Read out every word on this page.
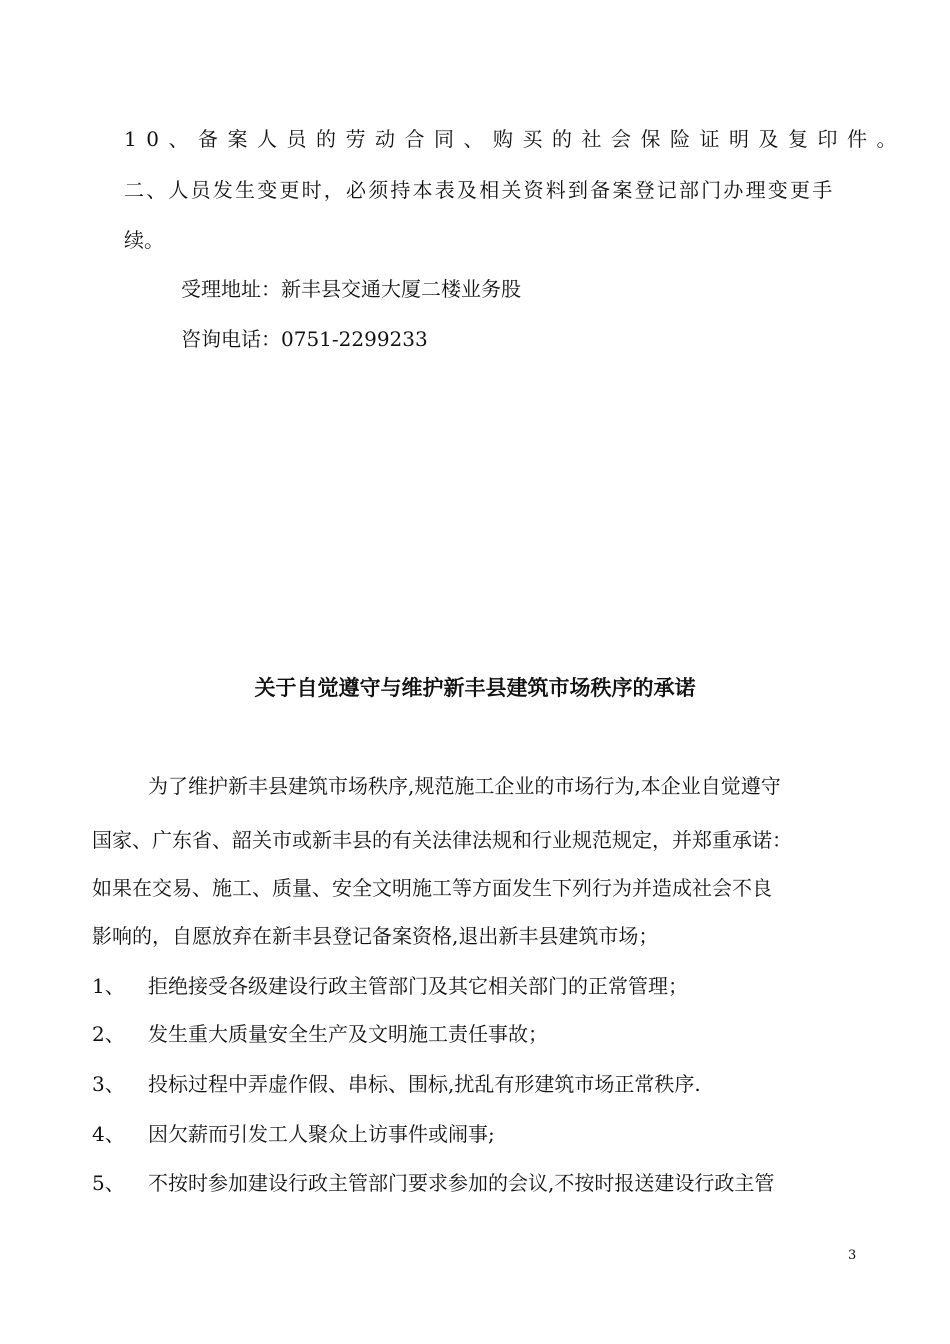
10、备案人员的劳动合同、购买的社会保险证明及复印件。
二、人员发生变更时，必须持本表及相关资料到备案登记部门办理变更手
续。
受理地址：新丰县交通大厦二楼业务股
咨询电话：0751-2299233
关于自觉遵守与维护新丰县建筑市场秩序的承诺
为了维护新丰县建筑市场秩序,规范施工企业的市场行为,本企业自觉遵守
国家、广东省、韶关市或新丰县的有关法律法规和行业规范规定，并郑重承诺：
如果在交易、施工、质量、安全文明施工等方面发生下列行为并造成社会不良
影响的，自愿放弃在新丰县登记备案资格,退出新丰县建筑市场；
1、 拒绝接受各级建设行政主管部门及其它相关部门的正常管理；
2、 发生重大质量安全生产及文明施工责任事故；
3、 投标过程中弄虚作假、串标、围标,扰乱有形建筑市场正常秩序.
4、 因欠薪而引发工人聚众上访事件或闹事;
5、 不按时参加建设行政主管部门要求参加的会议,不按时报送建设行政主管
3
